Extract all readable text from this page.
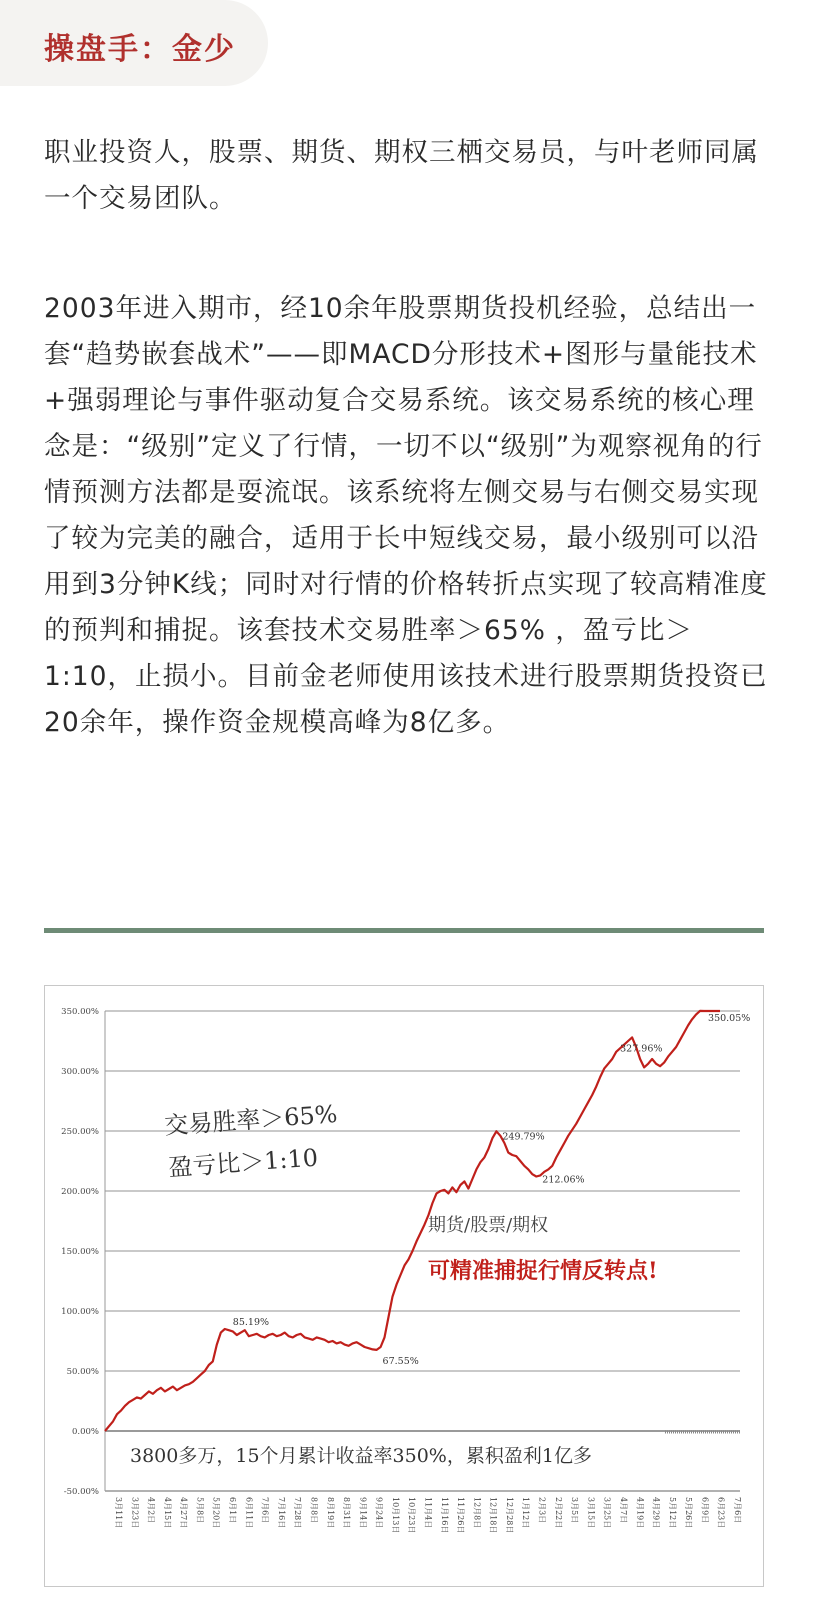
操盘手：金少
职业投资人，股票、期货、期权三栖交易员，与叶老师同属一个交易团队。
2003年进入期市，经10余年股票期货投机经验，总结出一套“趋势嵌套战术”——即MACD分形技术+图形与量能技术+强弱理论与事件驱动复合交易系统。该交易系统的核心理念是：“级别”定义了行情，一切不以“级别”为观察视角的行情预测方法都是耍流氓。该系统将左侧交易与右侧交易实现了较为完美的融合，适用于长中短线交易，最小级别可以沿用到3分钟K线；同时对行情的价格转折点实现了较高精准度的预判和捕捉。该套技术交易胜率＞65% ，盈亏比＞1:10，止损小。目前金老师使用该技术进行股票期货投资已20余年，操作资金规模高峰为8亿多。
-50.00%
0.00%
50.00%
100.00%
150.00%
200.00%
250.00%
300.00%
350.00%
3月11日 3月23日 4月2日 4月15日 4月27日 5月8日 5月20日 6月1日 6月11日 7月6日 7月16日 7月28日 8月8日 8月19日 8月31日 9月14日 9月24日 10月13日 10月23日 11月4日 11月16日 11月26日 12月8日 12月18日 12月28日 1月12日 2月3日 2月22日 3月5日 3月15日 3月25日 4月7日 4月19日 4月29日 5月12日 5月26日 6月9日 6月23日 7月6日
85.19%
67.55%
249.79%
212.06%
327.96%
350.05%
交易胜率＞65%
盈亏比＞1:10
期货/股票/期权
可精准捕捉行情反转点!
3800多万，15个月累计收益率350%，累积盈利1亿多
